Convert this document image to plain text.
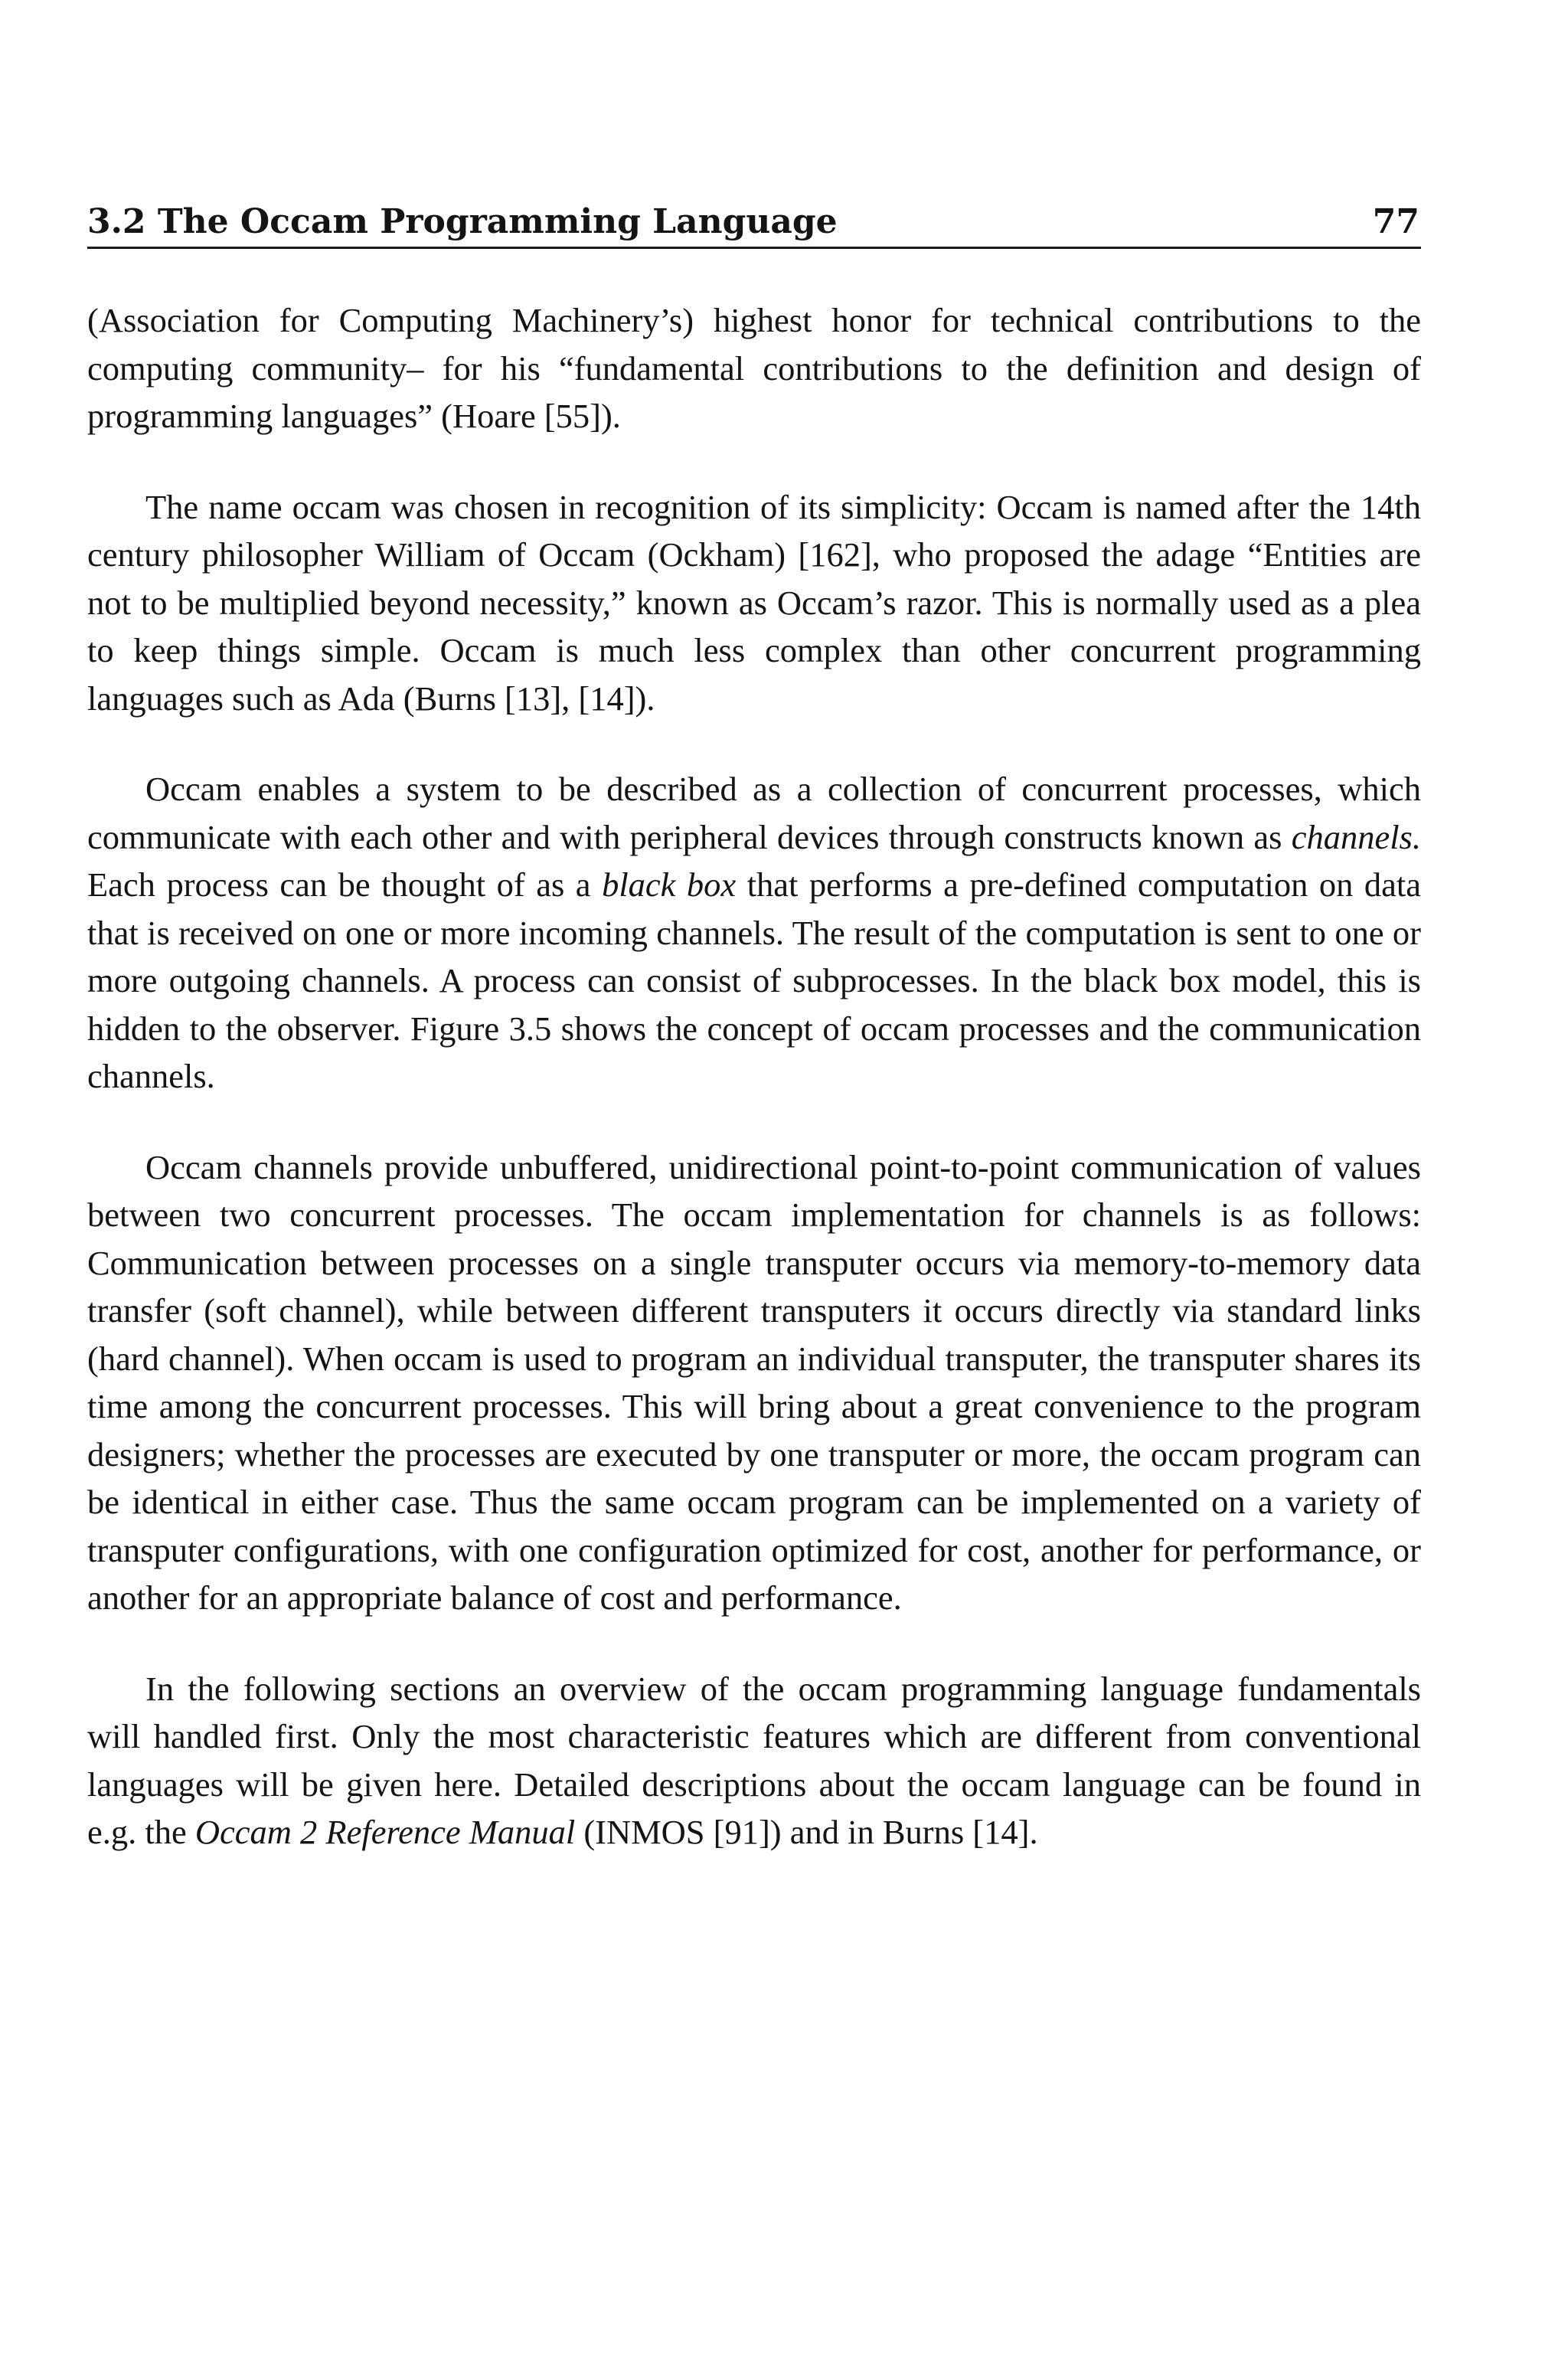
3.2 The Occam Programming Language	77

(Association for Computing Machinery’s) highest honor for technical contributions to the computing community– for his “fundamental contributions to the definition and design of programming languages” (Hoare [55]).

The name occam was chosen in recognition of its simplicity: Occam is named after the 14th century philosopher William of Occam (Ockham) [162], who proposed the adage “Entities are not to be multiplied beyond necessity,” known as Occam’s razor. This is normally used as a plea to keep things simple. Occam is much less complex than other concurrent programming languages such as Ada (Burns [13], [14]).

Occam enables a system to be described as a collection of concurrent processes, which communicate with each other and with peripheral devices through constructs known as channels. Each process can be thought of as a black box that performs a pre-defined computation on data that is received on one or more incoming channels. The result of the computation is sent to one or more outgoing channels. A process can consist of subprocesses. In the black box model, this is hidden to the observer. Figure 3.5 shows the concept of occam processes and the communication channels.

Occam channels provide unbuffered, unidirectional point-to-point communication of values between two concurrent processes. The occam implementation for channels is as follows: Communication between processes on a single transputer occurs via memory-to-memory data transfer (soft channel), while between different transputers it occurs directly via standard links (hard channel). When occam is used to program an individual transputer, the transputer shares its time among the concurrent processes. This will bring about a great convenience to the program designers; whether the processes are executed by one transputer or more, the occam program can be identical in either case. Thus the same occam program can be implemented on a variety of transputer configurations, with one configuration optimized for cost, another for performance, or another for an appropriate balance of cost and performance.

In the following sections an overview of the occam programming language fundamentals will handled first. Only the most characteristic features which are different from conventional languages will be given here. Detailed descriptions about the occam language can be found in e.g. the Occam 2 Reference Manual (INMOS [91]) and in Burns [14].
